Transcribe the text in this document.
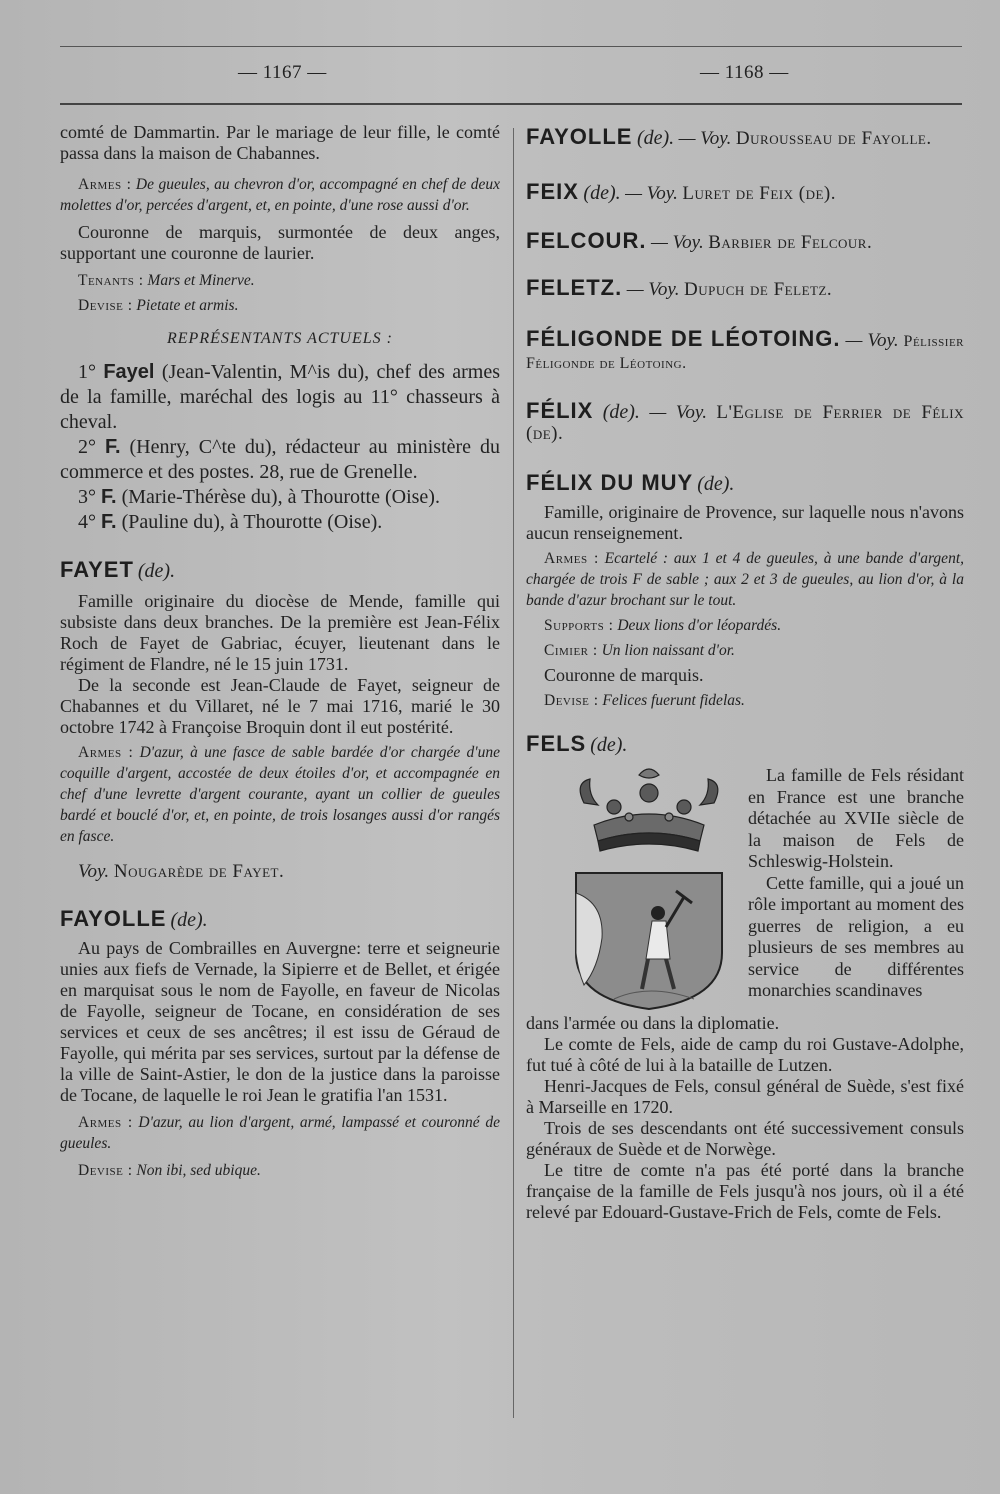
— 1167 —	— 1168 —

comté de Dammartin. Par le mariage de leur fille, le comté passa dans la maison de Chabannes.

Armes : De gueules, au chevron d'or, accompagné en chef de deux molettes d'or, percées d'argent, et, en pointe, d'une rose aussi d'or.

Couronne de marquis, surmontée de deux anges, supportant une couronne de laurier.

Tenants : Mars et Minerve.

Devise : Pietate et armis.

REPRÉSENTANTS ACTUELS :

1° Fayel (Jean-Valentin, M^is du), chef des armes de la famille, maréchal des logis au 11° chasseurs à cheval.

2° F. (Henry, C^te du), rédacteur au ministère du commerce et des postes. 28, rue de Grenelle.

3° F. (Marie-Thérèse du), à Thourotte (Oise).

4° F. (Pauline du), à Thourotte (Oise).

FAYET (de).

Famille originaire du diocèse de Mende, famille qui subsiste dans deux branches. De la première est Jean-Félix Roch de Fayet de Gabriac, écuyer, lieutenant dans le régiment de Flandre, né le 15 juin 1731.

De la seconde est Jean-Claude de Fayet, seigneur de Chabannes et du Villaret, né le 7 mai 1716, marié le 30 octobre 1742 à Françoise Broquin dont il eut postérité.

Armes : D'azur, à une fasce de sable bardée d'or chargée d'une coquille d'argent, accostée de deux étoiles d'or, et accompagnée en chef d'une levrette d'argent courante, ayant un collier de gueules bardé et bouclé d'or, et, en pointe, de trois losanges aussi d'or rangés en fasce.

Voy. Nougarède de Fayet.

FAYOLLE (de).

Au pays de Combrailles en Auvergne: terre et seigneurie unies aux fiefs de Vernade, la Sipierre et de Bellet, et érigée en marquisat sous le nom de Fayolle, en faveur de Nicolas de Fayolle, seigneur de Tocane, en considération de ses services et ceux de ses ancêtres; il est issu de Géraud de Fayolle, qui mérita par ses services, surtout par la défense de la ville de Saint-Astier, le don de la justice dans la paroisse de Tocane, de laquelle le roi Jean le gratifia l'an 1531.

Armes : D'azur, au lion d'argent, armé, lampassé et couronné de gueules.

Devise : Non ibi, sed ubique.

FAYOLLE (de). — Voy. Durousseau de Fayolle.

FEIX (de). — Voy. Luret de Feix (de).

FELCOUR. — Voy. Barbier de Felcour.

FELETZ. — Voy. Dupuch de Feletz.

FÉLIGONDE DE LÉOTOING. — Voy. Pélissier Féligonde de Léotoing.

FÉLIX (de). — Voy. L'Eglise de Ferrier de Félix (de).

FÉLIX DU MUY (de).

Famille, originaire de Provence, sur laquelle nous n'avons aucun renseignement.

Armes : Ecartelé : aux 1 et 4 de gueules, à une bande d'argent, chargée de trois F de sable ; aux 2 et 3 de gueules, au lion d'or, à la bande d'azur brochant sur le tout.

Supports : Deux lions d'or léopardés.

Cimier : Un lion naissant d'or.

Couronne de marquis.

Devise : Felices fuerunt fidelas.

FELS (de).

La famille de Fels résidant en France est une branche détachée au XVIIe siècle de la maison de Fels de Schleswig-Holstein.

Cette famille, qui a joué un rôle important au moment des guerres de religion, a eu plusieurs de ses membres au service de différentes monarchies scandinaves

dans l'armée ou dans la diplomatie.

Le comte de Fels, aide de camp du roi Gustave-Adolphe, fut tué à côté de lui à la bataille de Lutzen.

Henri-Jacques de Fels, consul général de Suède, s'est fixé à Marseille en 1720.

Trois de ses descendants ont été successivement consuls généraux de Suède et de Norwège.

Le titre de comte n'a pas été porté dans la branche française de la famille de Fels jusqu'à nos jours, où il a été relevé par Edouard-Gustave-Frich de Fels, comte de Fels.
